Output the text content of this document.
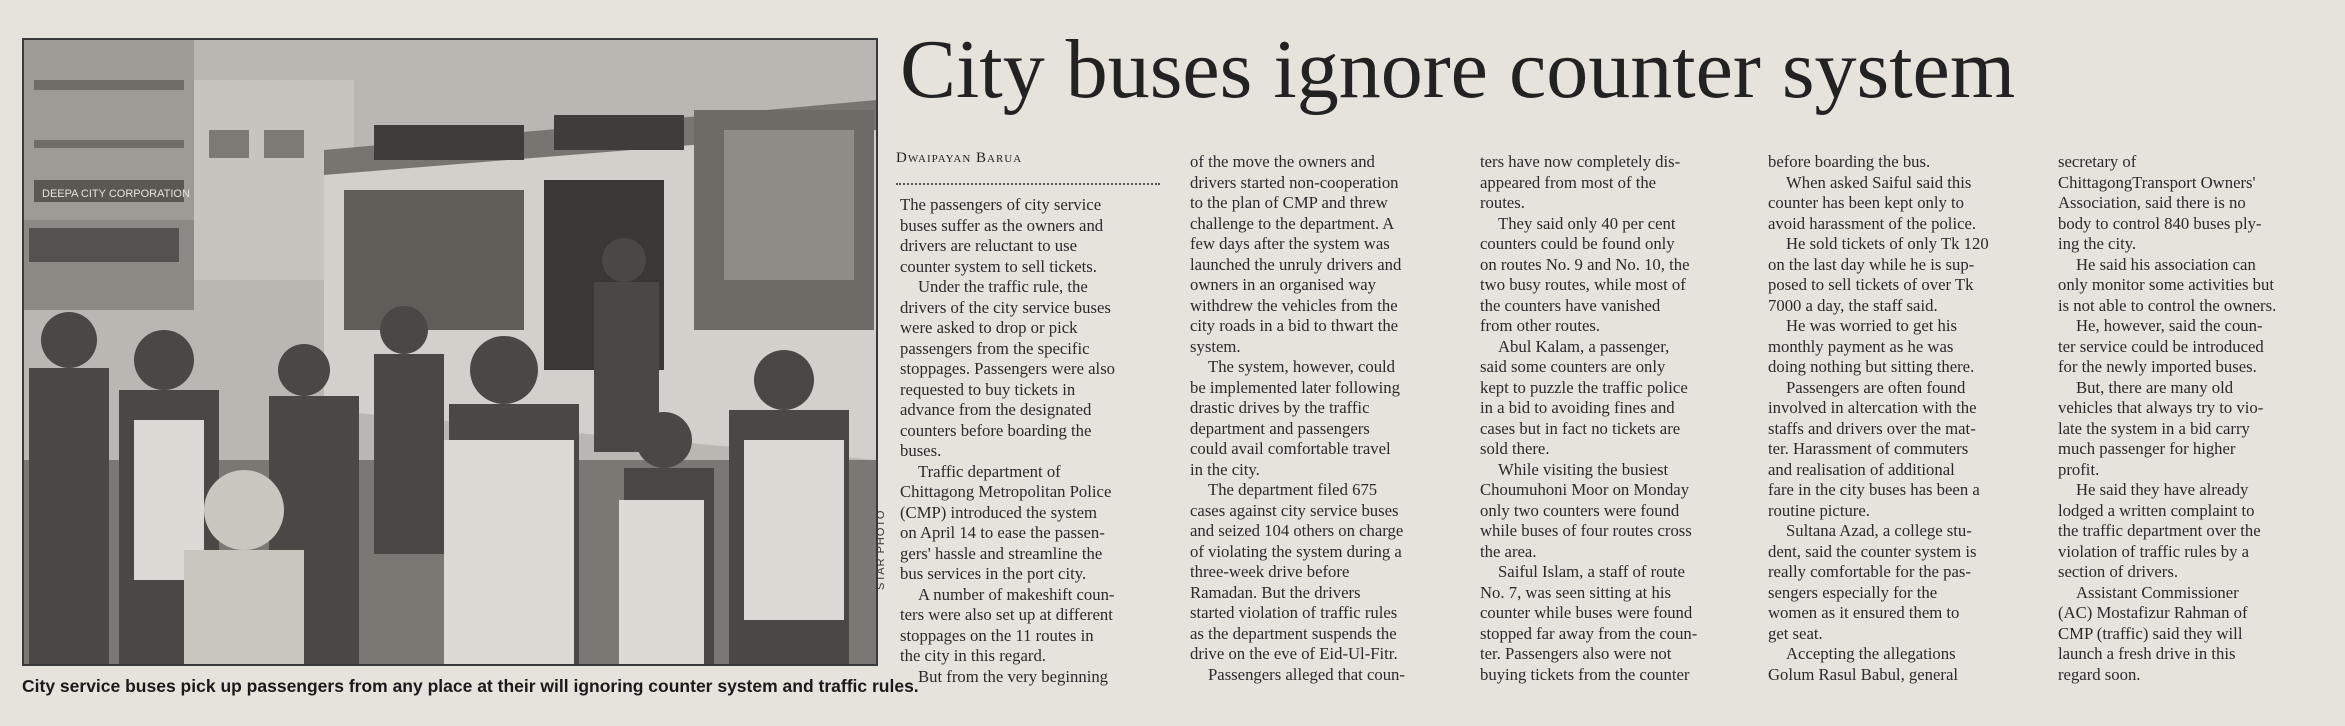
DEEPA CITY CORPORATION
STAR PHOTO
City service buses pick up passengers from any place at their will ignoring counter system and traffic rules.
City buses ignore counter system
Dwaipayan Barua
The passengers of city service
buses suffer as the owners and
drivers are reluctant to use
counter system to sell tickets.
Under the traffic rule, the
drivers of the city service buses
were asked to drop or pick
passengers from the specific
stoppages. Passengers were also
requested to buy tickets in
advance from the designated
counters before boarding the
buses.
Traffic department of
Chittagong Metropolitan Police
(CMP) introduced the system
on April 14 to ease the passen-
gers' hassle and streamline the
bus services in the port city.
A number of makeshift coun-
ters were also set up at different
stoppages on the 11 routes in
the city in this regard.
But from the very beginning
of the move the owners and
drivers started non-cooperation
to the plan of CMP and threw
challenge to the department. A
few days after the system was
launched the unruly drivers and
owners in an organised way
withdrew the vehicles from the
city roads in a bid to thwart the
system.
The system, however, could
be implemented later following
drastic drives by the traffic
department and passengers
could avail comfortable travel
in the city.
The department filed 675
cases against city service buses
and seized 104 others on charge
of violating the system during a
three-week drive before
Ramadan. But the drivers
started violation of traffic rules
as the department suspends the
drive on the eve of Eid-Ul-Fitr.
Passengers alleged that coun-
ters have now completely dis-
appeared from most of the
routes.
They said only 40 per cent
counters could be found only
on routes No. 9 and No. 10, the
two busy routes, while most of
the counters have vanished
from other routes.
Abul Kalam, a passenger,
said some counters are only
kept to puzzle the traffic police
in a bid to avoiding fines and
cases but in fact no tickets are
sold there.
While visiting the busiest
Choumuhoni Moor on Monday
only two counters were found
while buses of four routes cross
the area.
Saiful Islam, a staff of route
No. 7, was seen sitting at his
counter while buses were found
stopped far away from the coun-
ter. Passengers also were not
buying tickets from the counter
before boarding the bus.
When asked Saiful said this
counter has been kept only to
avoid harassment of the police.
He sold tickets of only Tk 120
on the last day while he is sup-
posed to sell tickets of over Tk
7000 a day, the staff said.
He was worried to get his
monthly payment as he was
doing nothing but sitting there.
Passengers are often found
involved in altercation with the
staffs and drivers over the mat-
ter. Harassment of commuters
and realisation of additional
fare in the city buses has been a
routine picture.
Sultana Azad, a college stu-
dent, said the counter system is
really comfortable for the pas-
sengers especially for the
women as it ensured them to
get seat.
Accepting the allegations
Golum Rasul Babul, general
secretary of
ChittagongTransport Owners'
Association, said there is no
body to control 840 buses ply-
ing the city.
He said his association can
only monitor some activities but
is not able to control the owners.
He, however, said the coun-
ter service could be introduced
for the newly imported buses.
But, there are many old
vehicles that always try to vio-
late the system in a bid carry
much passenger for higher
profit.
He said they have already
lodged a written complaint to
the traffic department over the
violation of traffic rules by a
section of drivers.
Assistant Commissioner
(AC) Mostafizur Rahman of
CMP (traffic) said they will
launch a fresh drive in this
regard soon.
